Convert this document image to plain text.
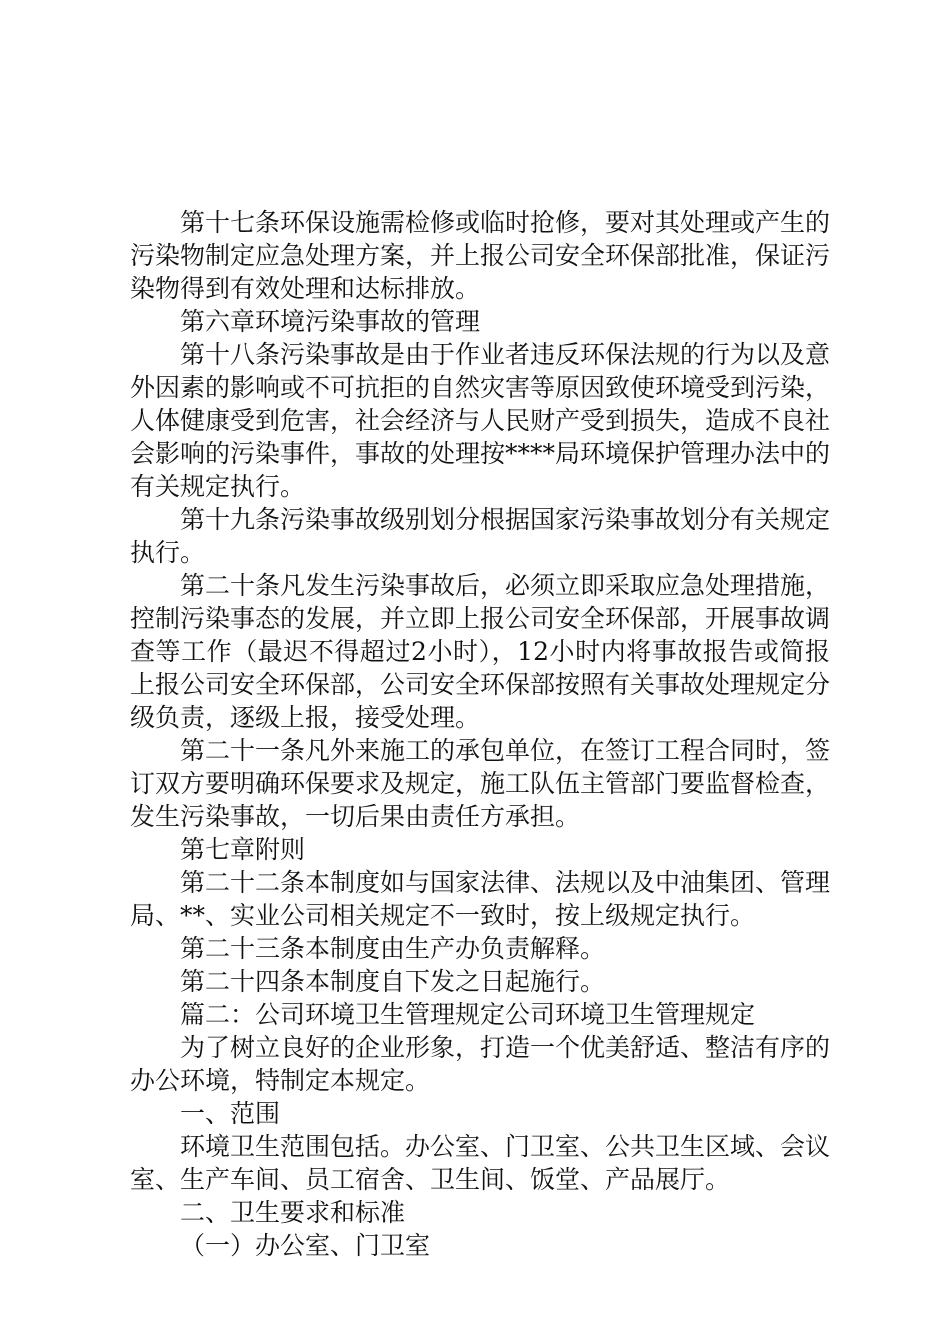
第十七条环保设施需检修或临时抢修，要对其处理或产生的污染物制定应急处理方案，并上报公司安全环保部批准，保证污染物得到有效处理和达标排放。

第六章环境污染事故的管理

第十八条污染事故是由于作业者违反环保法规的行为以及意外因素的影响或不可抗拒的自然灾害等原因致使环境受到污染，人体健康受到危害，社会经济与人民财产受到损失，造成不良社会影响的污染事件，事故的处理按****局环境保护管理办法中的有关规定执行。

第十九条污染事故级别划分根据国家污染事故划分有关规定执行。

第二十条凡发生污染事故后，必须立即采取应急处理措施，控制污染事态的发展，并立即上报公司安全环保部，开展事故调查等工作（最迟不得超过2小时），12小时内将事故报告或简报上报公司安全环保部，公司安全环保部按照有关事故处理规定分级负责，逐级上报，接受处理。

第二十一条凡外来施工的承包单位，在签订工程合同时，签订双方要明确环保要求及规定，施工队伍主管部门要监督检查，发生污染事故，一切后果由责任方承担。

第七章附则

第二十二条本制度如与国家法律、法规以及中油集团、管理局、**、实业公司相关规定不一致时，按上级规定执行。

第二十三条本制度由生产办负责解释。

第二十四条本制度自下发之日起施行。

篇二：公司环境卫生管理规定公司环境卫生管理规定

为了树立良好的企业形象，打造一个优美舒适、整洁有序的办公环境，特制定本规定。

一、范围

环境卫生范围包括。办公室、门卫室、公共卫生区域、会议室、生产车间、员工宿舍、卫生间、饭堂、产品展厅。

二、卫生要求和标准

（一）办公室、门卫室
